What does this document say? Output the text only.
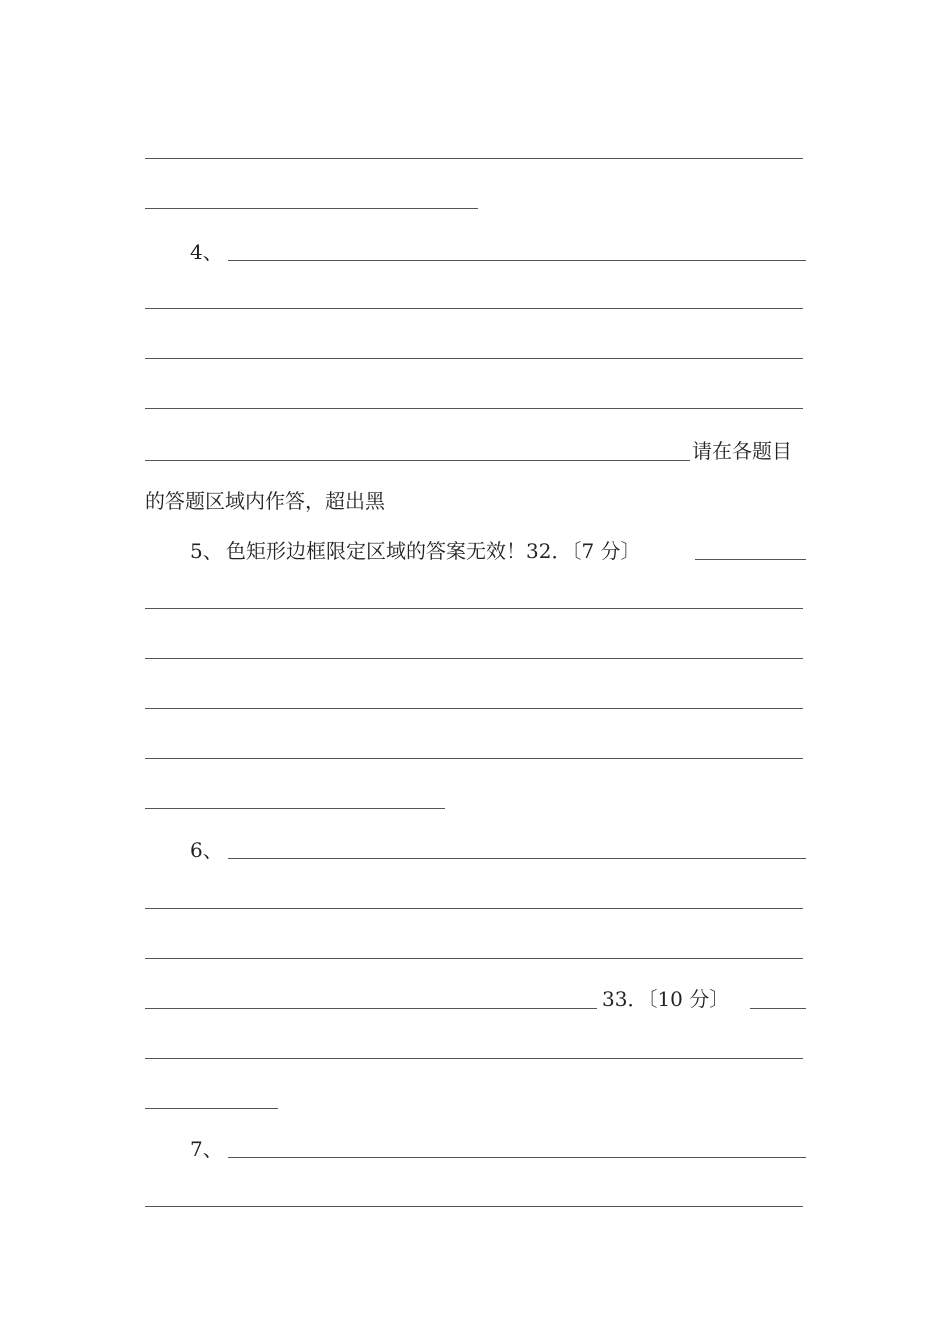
4、
请在各题目
的答题区域内作答，超出黑
5、 色矩形边框限定区域的答案无效！32．〔7 分〕
6、
33．〔10 分〕
7、
